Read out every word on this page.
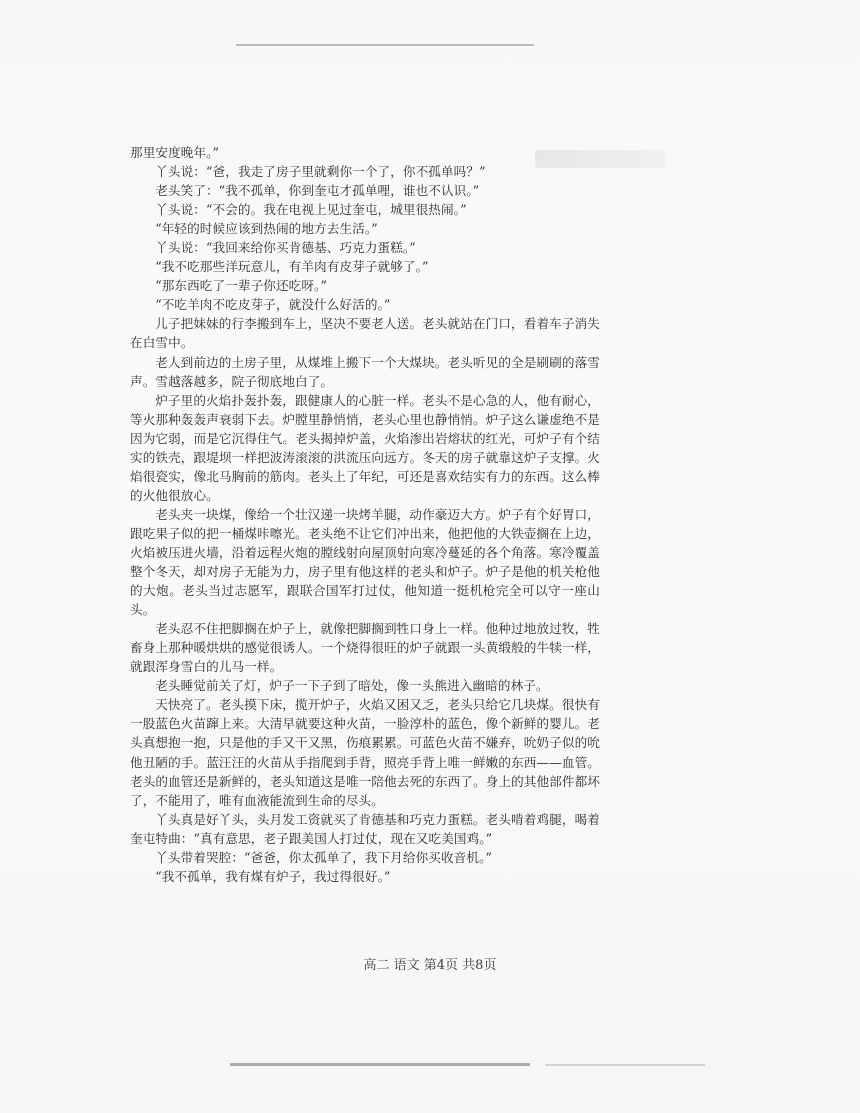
那里安度晚年。”

丫头说：“爸，我走了房子里就剩你一个了，你不孤单吗？”

老头笑了：“我不孤单，你到奎屯才孤单哩，谁也不认识。”

丫头说：“不会的。我在电视上见过奎屯，城里很热闹。”

“年轻的时候应该到热闹的地方去生活。”

丫头说：“我回来给你买肯德基、巧克力蛋糕。”

“我不吃那些洋玩意儿，有羊肉有皮芽子就够了。”

“那东西吃了一辈子你还吃呀。”

“不吃羊肉不吃皮芽子，就没什么好活的。”

儿子把妹妹的行李搬到车上，坚决不要老人送。老头就站在门口，看着车子消失在白雪中。

老人到前边的土房子里，从煤堆上搬下一个大煤块。老头听见的全是刷刷的落雪声。雪越落越多，院子彻底地白了。

炉子里的火焰扑轰扑轰，跟健康人的心脏一样。老头不是心急的人，他有耐心，等火那种轰轰声衰弱下去。炉膛里静悄悄，老头心里也静悄悄。炉子这么谦虚绝不是因为它弱，而是它沉得住气。老头揭掉炉盖，火焰渗出岩熔状的红光，可炉子有个结实的铁壳，跟堤坝一样把波涛滚滚的洪流压向远方。冬天的房子就靠这炉子支撑。火焰很瓷实，像北马胸前的筋肉。老头上了年纪，可还是喜欢结实有力的东西。这么棒的火他很放心。

老头夹一块煤，像给一个壮汉递一块烤羊腿，动作豪迈大方。炉子有个好胃口，跟吃果子似的把一桶煤咔嚓光。老头绝不让它们冲出来，他把他的大铁壶搁在上边，火焰被压进火墙，沿着远程火炮的膛线射向屋顶射向寒冷蔓延的各个角落。寒冷覆盖整个冬天，却对房子无能为力，房子里有他这样的老头和炉子。炉子是他的机关枪他的大炮。老头当过志愿军，跟联合国军打过仗，他知道一挺机枪完全可以守一座山头。

老头忍不住把脚搁在炉子上，就像把脚搁到牲口身上一样。他种过地放过牧，牲畜身上那种暖烘烘的感觉很诱人。一个烧得很旺的炉子就跟一头黄缎般的牛犊一样，就跟浑身雪白的儿马一样。

老头睡觉前关了灯，炉子一下子到了暗处，像一头熊进入幽暗的林子。

天快亮了。老头摸下床，揽开炉子，火焰又困又乏，老头只给它几块煤。很快有一股蓝色火苗蹿上来。大清早就要这种火苗，一脸淳朴的蓝色，像个新鲜的婴儿。老头真想抱一抱，只是他的手又干又黑，伤痕累累。可蓝色火苗不嫌弃，吮奶子似的吮他丑陋的手。蓝汪汪的火苗从手指爬到手背，照亮手背上唯一鲜嫩的东西——血管。老头的血管还是新鲜的，老头知道这是唯一陪他去死的东西了。身上的其他部件都坏了，不能用了，唯有血液能流到生命的尽头。

丫头真是好丫头，头月发工资就买了肯德基和巧克力蛋糕。老头啃着鸡腿，喝着奎屯特曲：“真有意思，老子跟美国人打过仗，现在又吃美国鸡。”

丫头带着哭腔：“爸爸，你太孤单了，我下月给你买收音机。”

“我不孤单，我有煤有炉子，我过得很好。”

高二 语文 第4页 共8页
